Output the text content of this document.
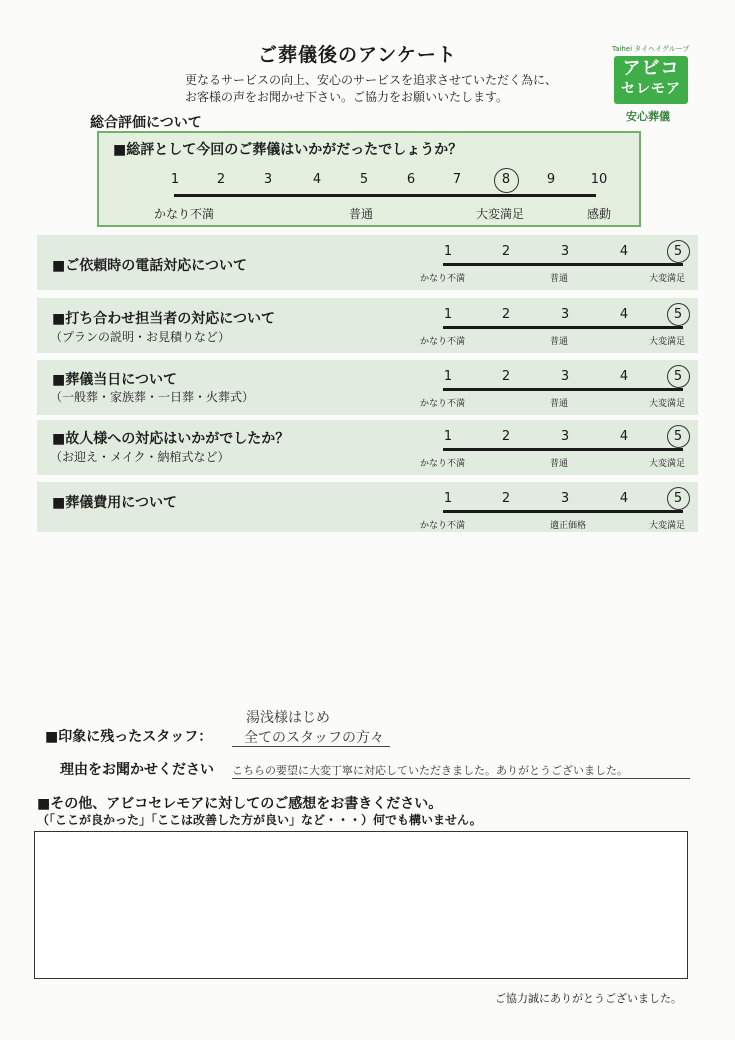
ご葬儀後のアンケート
更なるサービスの向上、安心のサービスを追求させていただく為に、
お客様の声をお聞かせ下さい。ご協力をお願いいたします。
Taihei タイヘイグループ
アビコ
セレモア
安心葬儀
総合評価について
■総評として今回のご葬儀はいかがだったでしょうか？
1	2	3	4	5	6	7	8	9	10
かなり不満	普通	大変満足	感動
■ご依頼時の電話対応について
1	2	3	4	5
かなり不満	普通	大変満足
■打ち合わせ担当者の対応について
（プランの説明・お見積りなど）
1	2	3	4	5
かなり不満	普通	大変満足
■葬儀当日について
（一般葬・家族葬・一日葬・火葬式）
1	2	3	4	5
かなり不満	普通	大変満足
■故人様への対応はいかがでしたか？
（お迎え・メイク・納棺式など）
1	2	3	4	5
かなり不満	普通	大変満足
■葬儀費用について	1	2	3	4	5
かなり不満	適正価格	大変満足
■印象に残ったスタッフ：
湯浅様はじめ
全てのスタッフの方々
理由をお聞かせください こちらの要望に大変丁寧に対応していただきました。ありがとうございました。
■その他、アビコセレモアに対してのご感想をお書きください。
（「ここが良かった」「ここは改善した方が良い」など・・・）何でも構いません。
ご協力誠にありがとうございました。
